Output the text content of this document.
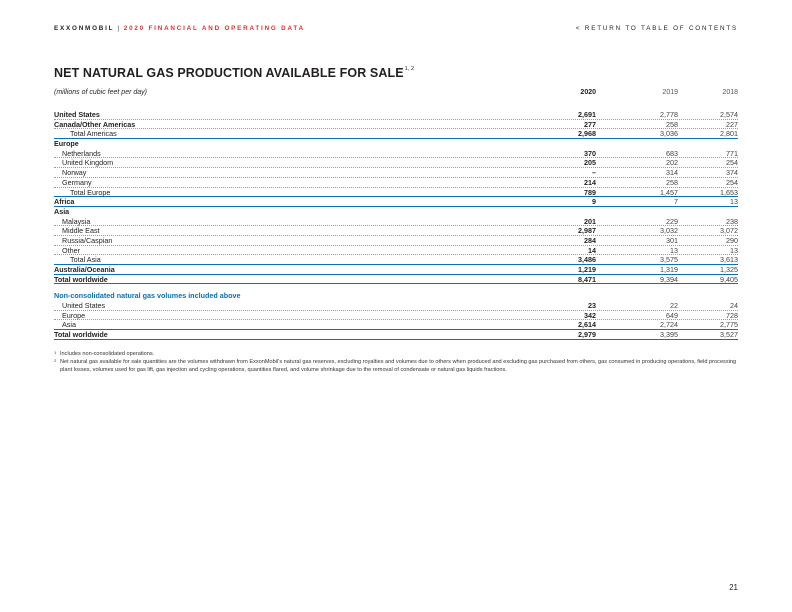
EXXONMOBIL | 2020 FINANCIAL AND OPERATING DATA	< RETURN TO TABLE OF CONTENTS
NET NATURAL GAS PRODUCTION AVAILABLE FOR SALE$^{1, 2}$
(millions of cubic feet per day)	2020	2019	2018
United States	2,691	2,778	2,574
Canada/Other Americas	277	258	227
Total Americas	2,968	3,036	2,801
Europe
Netherlands	370	683	771
United Kingdom	205	202	254
Norway	–	314	374
Germany	214	258	254
Total Europe	789	1,457	1,653
Africa	9	7	13
Asia
Malaysia	201	229	238
Middle East	2,987	3,032	3,072
Russia/Caspian	284	301	290
Other	14	13	13
Total Asia	3,486	3,575	3,613
Australia/Oceania	1,219	1,319	1,325
Total worldwide	8,471	9,394	9,405
Non-consolidated natural gas volumes included above
United States	23	22	24
Europe	342	649	728
Asia	2,614	2,724	2,775
Total worldwide	2,979	3,395	3,527
1 Includes non-consolidated operations.
2 Net natural gas available for sale quantities are the volumes withdrawn from ExxonMobil's natural gas reserves, excluding royalties and volumes due to others when produced and excluding gas purchased from others, gas consumed in producing operations, field processing plant losses, volumes used for gas lift, gas injection and cycling operations, quantities flared, and volume shrinkage due to the removal of condensate or natural gas liquids fractions.
21
